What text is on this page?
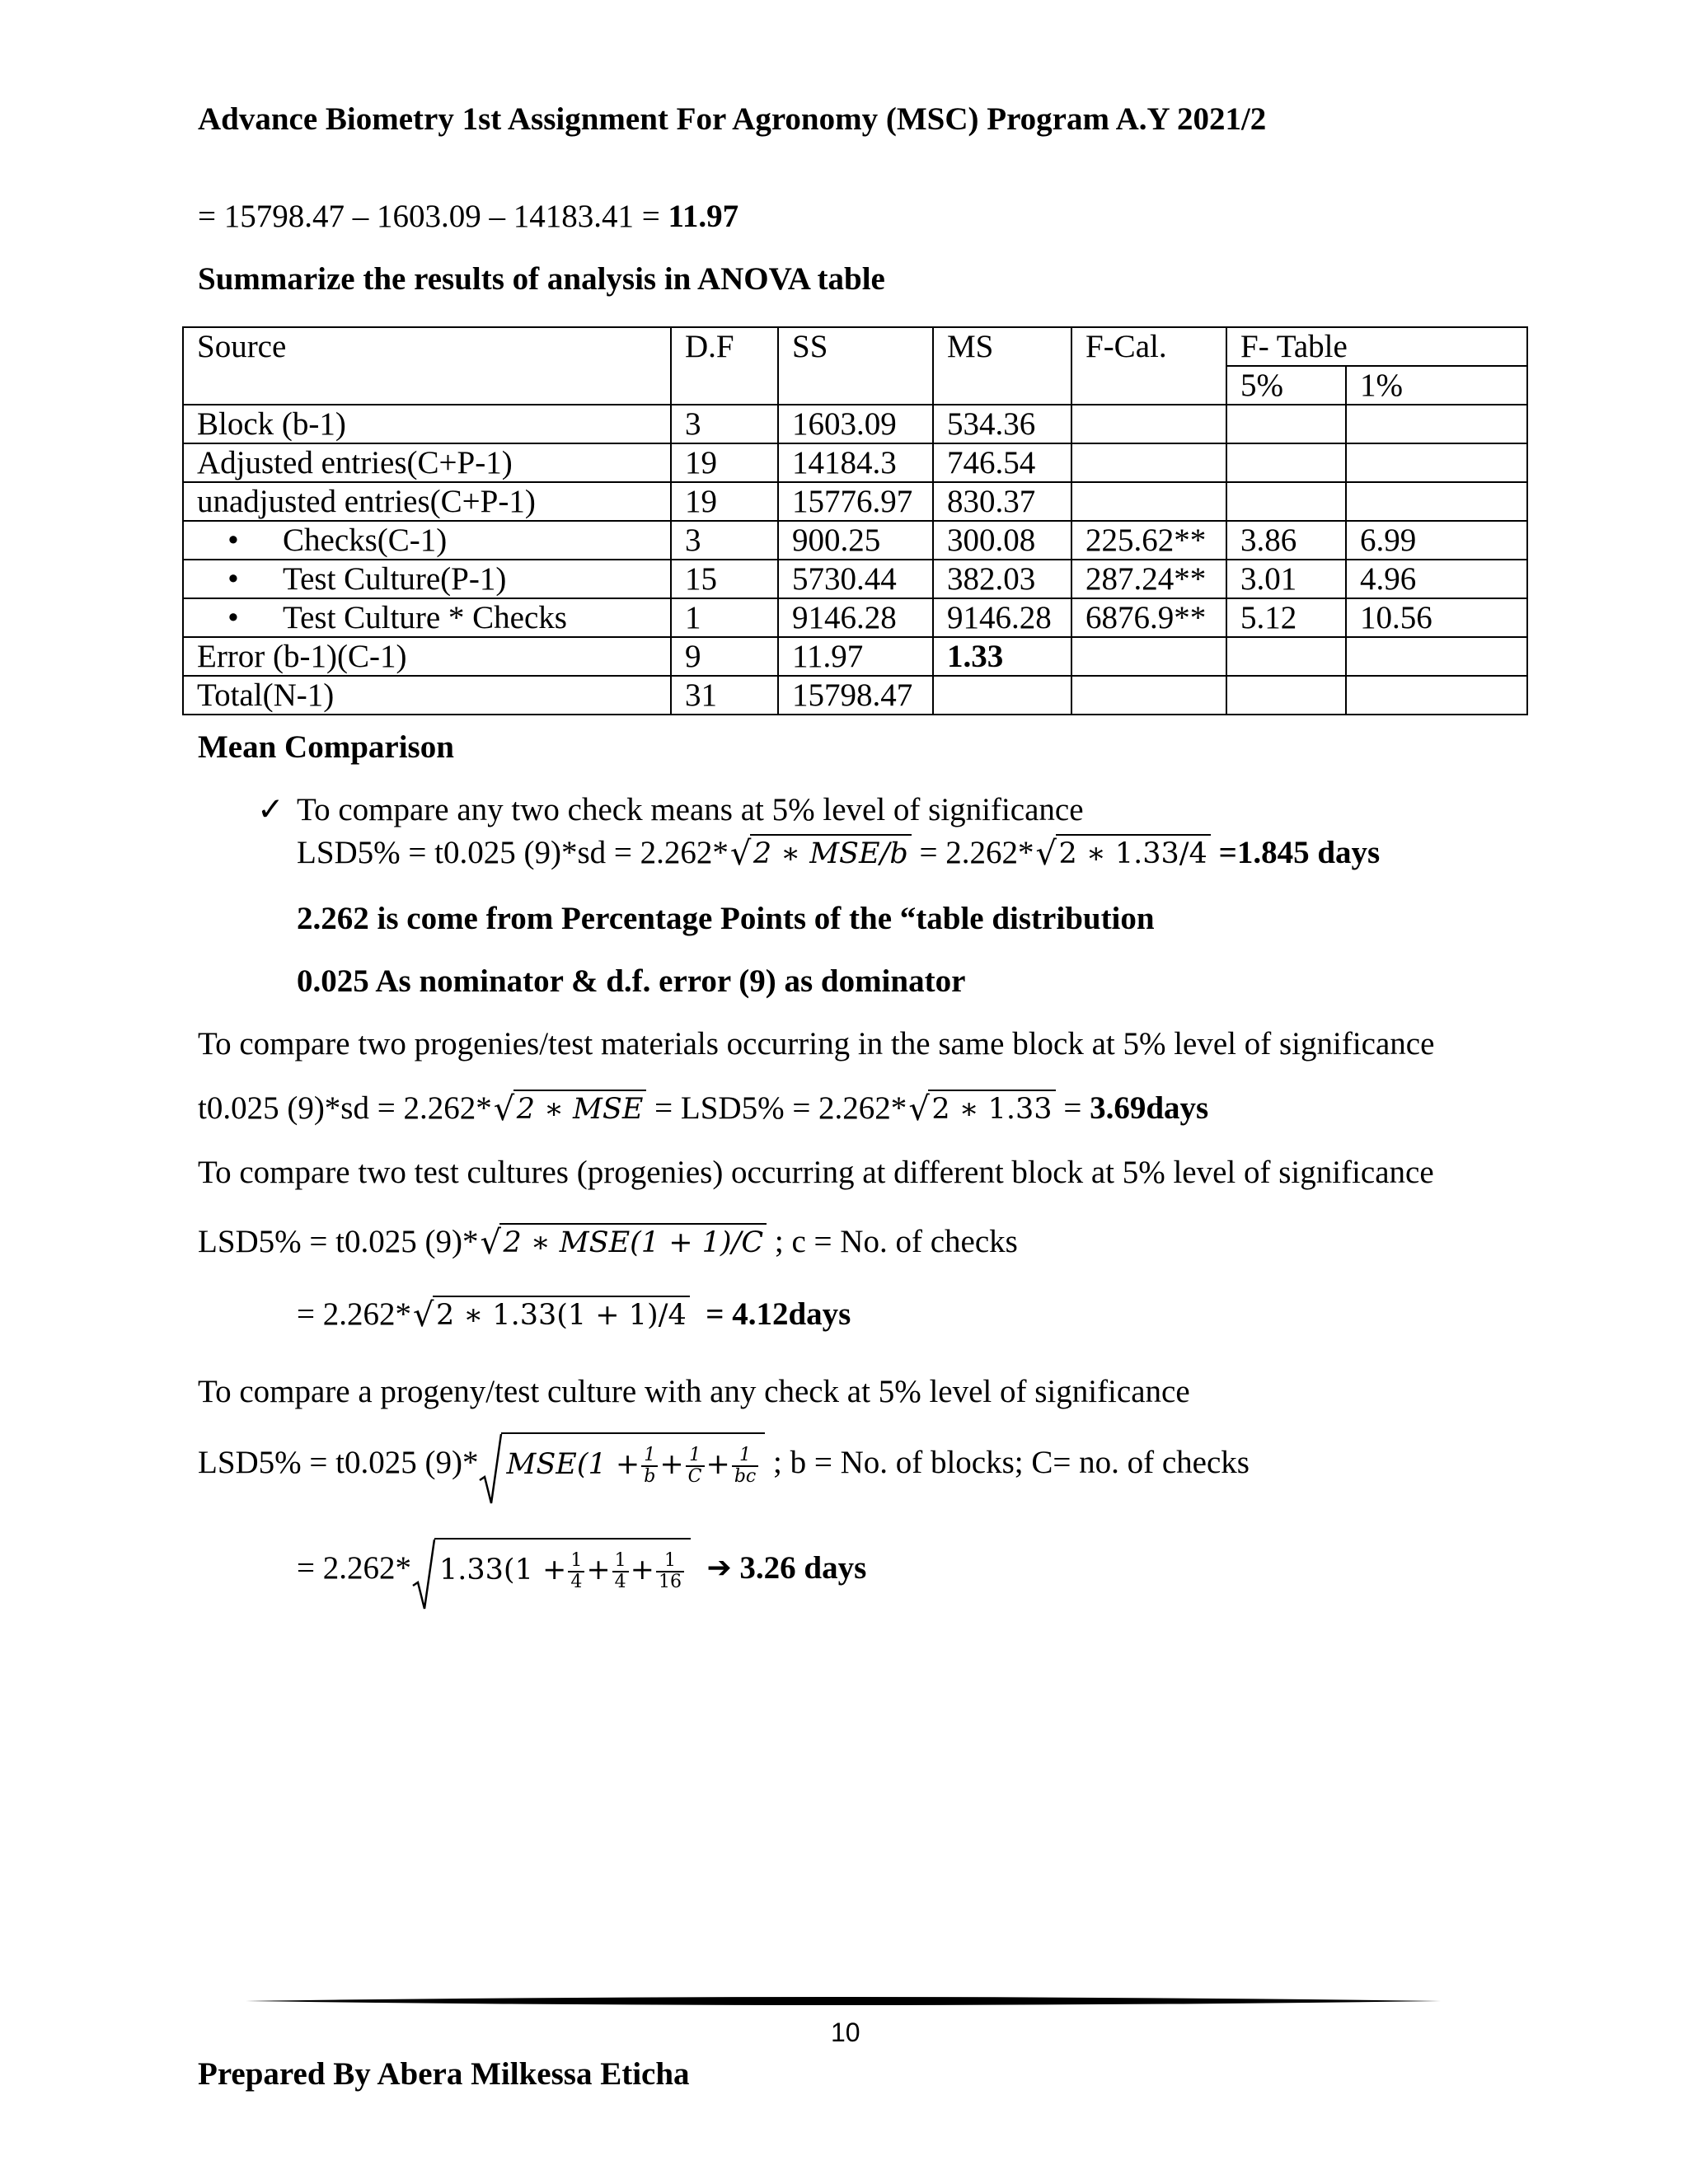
Advance Biometry 1st Assignment For Agronomy (MSC) Program A.Y 2021/2
= 15798.47 – 1603.09 – 14183.41 = 11.97
Summarize the results of analysis in ANOVA table
Source	D.F	SS	MS	F-Cal.	F- Table	
					5%	1%
Block (b-1)	3	1603.09	534.36			
Adjusted entries(C+P-1)	19	14184.3	746.54			
unadjusted entries(C+P-1)	19	15776.97	830.37			
• Checks(C-1)	3	900.25	300.08	225.62**	3.86	6.99
• Test Culture(P-1)	15	5730.44	382.03	287.24**	3.01	4.96
• Test Culture * Checks	1	9146.28	9146.28	6876.9**	5.12	10.56
Error (b-1)(C-1)	9	11.97	1.33			
Total(N-1)	31	15798.47				
Mean Comparison
✓ To compare any two check means at 5% level of significance
LSD5% = t0.025 (9)*sd = 2.262* √ 2 ∗ MSE/b = 2.262* √ 2 ∗ 1.33/4 =1.845 days
2.262 is come from Percentage Points of the “table distribution
0.025 As nominator & d.f. error (9) as dominator
To compare two progenies/test materials occurring in the same block at 5% level of significance
t0.025 (9)*sd = 2.262* √ 2 ∗ MSE = LSD5% = 2.262* √ 2 ∗ 1.33 = 3.69days
To compare two test cultures (progenies) occurring at different block at 5% level of significance
LSD5% = t0.025 (9)* √ 2 ∗ MSE(1 + 1)/C ; c = No. of checks
= 2.262* √ 2 ∗ 1.33(1 + 1)/4 = 4.12days
To compare a progeny/test culture with any check at 5% level of significance
LSD5% = t0.025 (9)* $MSE(1 + \frac{1}{b} + \frac{1}{C} + \frac{1}{bc}$ ; b = No. of blocks; C= no. of checks
= 2.262* $1.33(1 + \frac{1}{4} + \frac{1}{4} + \frac{1}{16}$ ➔ 3.26 days
10
Prepared By Abera Milkessa Eticha
